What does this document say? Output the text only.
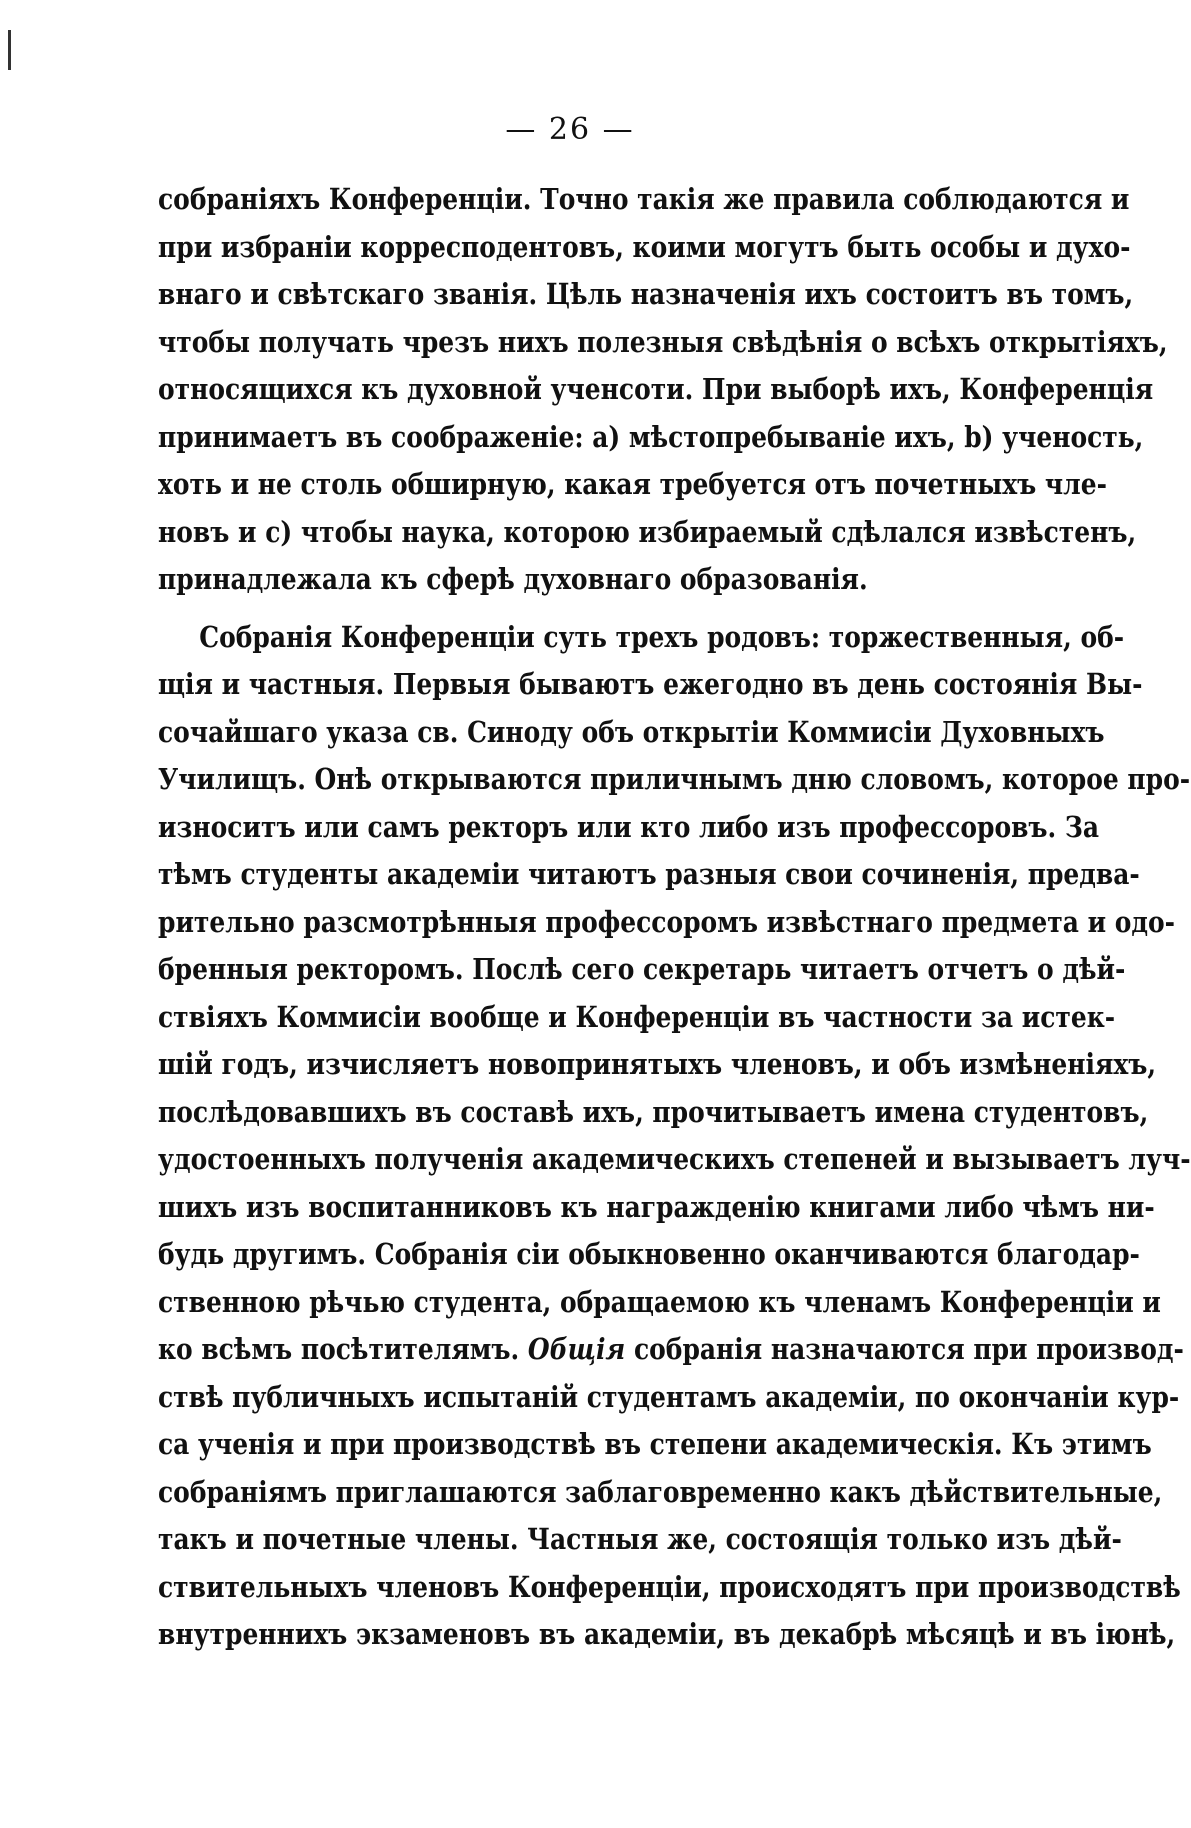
— 26 —
собраніяхъ Конференціи. Точно такія же правила соблюдаются и
при избраніи корресподентовъ, коими могутъ быть особы и духо-
внаго и свѣтскаго званія. Цѣль назначенія ихъ состоитъ въ томъ,
чтобы получать чрезъ нихъ полезныя свѣдѣнія о всѣхъ открытіяхъ,
относящихся къ духовной ученсоти. При выборѣ ихъ, Конференція
принимаетъ въ соображеніе: a) мѣстопребываніе ихъ, b) ученость,
хоть и не столь обширную, какая требуется отъ почетныхъ чле-
новъ и c) чтобы наука, которою избираемый сдѣлался извѣстенъ,
принадлежала къ сферѣ духовнаго образованія.
Собранія Конференціи суть трехъ родовъ: торжественныя, об-
щія и частныя. Первыя бываютъ ежегодно въ день состоянія Вы-
сочайшаго указа св. Синоду объ открытіи Коммисіи Духовныхъ
Училищъ. Онѣ открываются приличнымъ дню словомъ, которое про-
износитъ или самъ ректоръ или кто либо изъ профессоровъ. За
тѣмъ студенты академіи читаютъ разныя свои сочиненія, предва-
рительно разсмотрѣнныя профессоромъ извѣстнаго предмета и одо-
бренныя ректоромъ. Послѣ сего секретарь читаетъ отчетъ о дѣй-
ствіяхъ Коммисіи вообще и Конференціи въ частности за истек-
шій годъ, изчисляетъ новопринятыхъ членовъ, и объ измѣненіяхъ,
послѣдовавшихъ въ составѣ ихъ, прочитываетъ имена студентовъ,
удостоенныхъ полученія академическихъ степеней и вызываетъ луч-
шихъ изъ воспитанниковъ къ награжденію книгами либо чѣмъ ни-
будь другимъ. Собранія сіи обыкновенно оканчиваются благодар-
ственною рѣчью студента, обращаемою къ членамъ Конференціи и
ко всѣмъ посѣтителямъ. Общія собранія назначаются при производ-
ствѣ публичныхъ испытаній студентамъ академіи, по окончаніи кур-
са ученія и при производствѣ въ степени академическія. Къ этимъ
собраніямъ приглашаются заблаговременно какъ дѣйствительные,
такъ и почетные члены. Частныя же, состоящія только изъ дѣй-
ствительныхъ членовъ Конференціи, происходятъ при производствѣ
внутреннихъ экзаменовъ въ академіи, въ декабрѣ мѣсяцѣ и въ іюнѣ,
